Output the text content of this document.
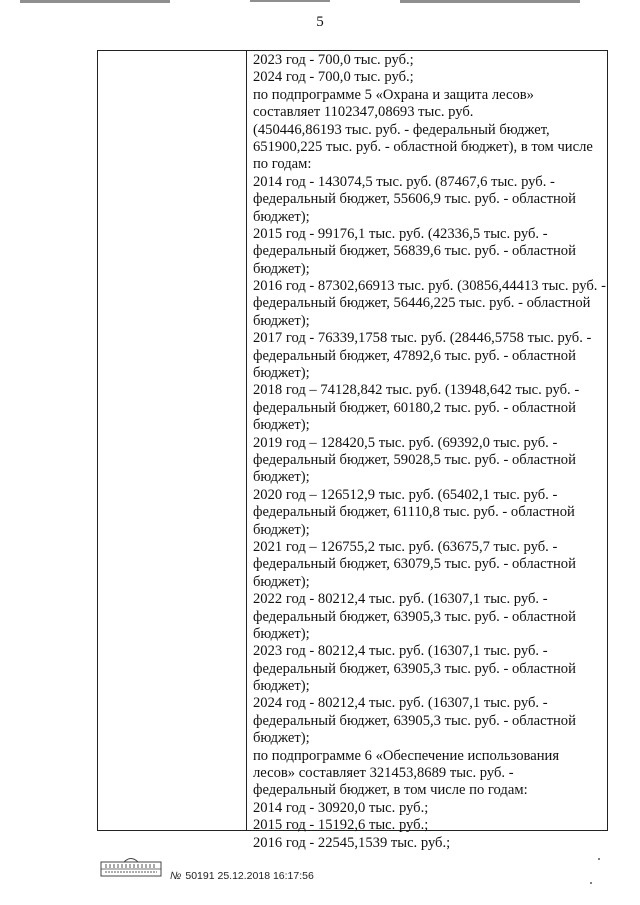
5
2023 год - 700,0 тыс. руб.;
2024 год - 700,0 тыс. руб.;
по подпрограмме 5 «Охрана и защита лесов»
составляет 1102347,08693 тыс. руб.
(450446,86193 тыс. руб. - федеральный бюджет,
651900,225 тыс. руб. - областной бюджет), в том числе
по годам:
2014 год - 143074,5 тыс. руб. (87467,6 тыс. руб. -
федеральный бюджет, 55606,9 тыс. руб. - областной
бюджет);
2015 год - 99176,1 тыс. руб. (42336,5 тыс. руб. -
федеральный бюджет, 56839,6 тыс. руб. - областной
бюджет);
2016 год - 87302,66913 тыс. руб. (30856,44413 тыс. руб. -
федеральный бюджет, 56446,225 тыс. руб. - областной
бюджет);
2017 год - 76339,1758 тыс. руб. (28446,5758 тыс. руб. -
федеральный бюджет, 47892,6 тыс. руб. - областной
бюджет);
2018 год – 74128,842 тыс. руб. (13948,642 тыс. руб. -
федеральный бюджет, 60180,2 тыс. руб. - областной
бюджет);
2019 год – 128420,5 тыс. руб. (69392,0 тыс. руб. -
федеральный бюджет, 59028,5 тыс. руб. - областной
бюджет);
2020 год – 126512,9 тыс. руб. (65402,1 тыс. руб. -
федеральный бюджет, 61110,8 тыс. руб. - областной
бюджет);
2021 год – 126755,2 тыс. руб. (63675,7 тыс. руб. -
федеральный бюджет, 63079,5 тыс. руб. - областной
бюджет);
2022 год - 80212,4 тыс. руб. (16307,1 тыс. руб. -
федеральный бюджет, 63905,3 тыс. руб. - областной
бюджет);
2023 год - 80212,4 тыс. руб. (16307,1 тыс. руб. -
федеральный бюджет, 63905,3 тыс. руб. - областной
бюджет);
2024 год - 80212,4 тыс. руб. (16307,1 тыс. руб. -
федеральный бюджет, 63905,3 тыс. руб. - областной
бюджет);
по подпрограмме 6 «Обеспечение использования
лесов» составляет 321453,8689 тыс. руб. -
федеральный бюджет, в том числе по годам:
2014 год - 30920,0 тыс. руб.;
2015 год - 15192,6 тыс. руб.;
2016 год - 22545,1539 тыс. руб.;
№ 50191 25.12.2018 16:17:56
